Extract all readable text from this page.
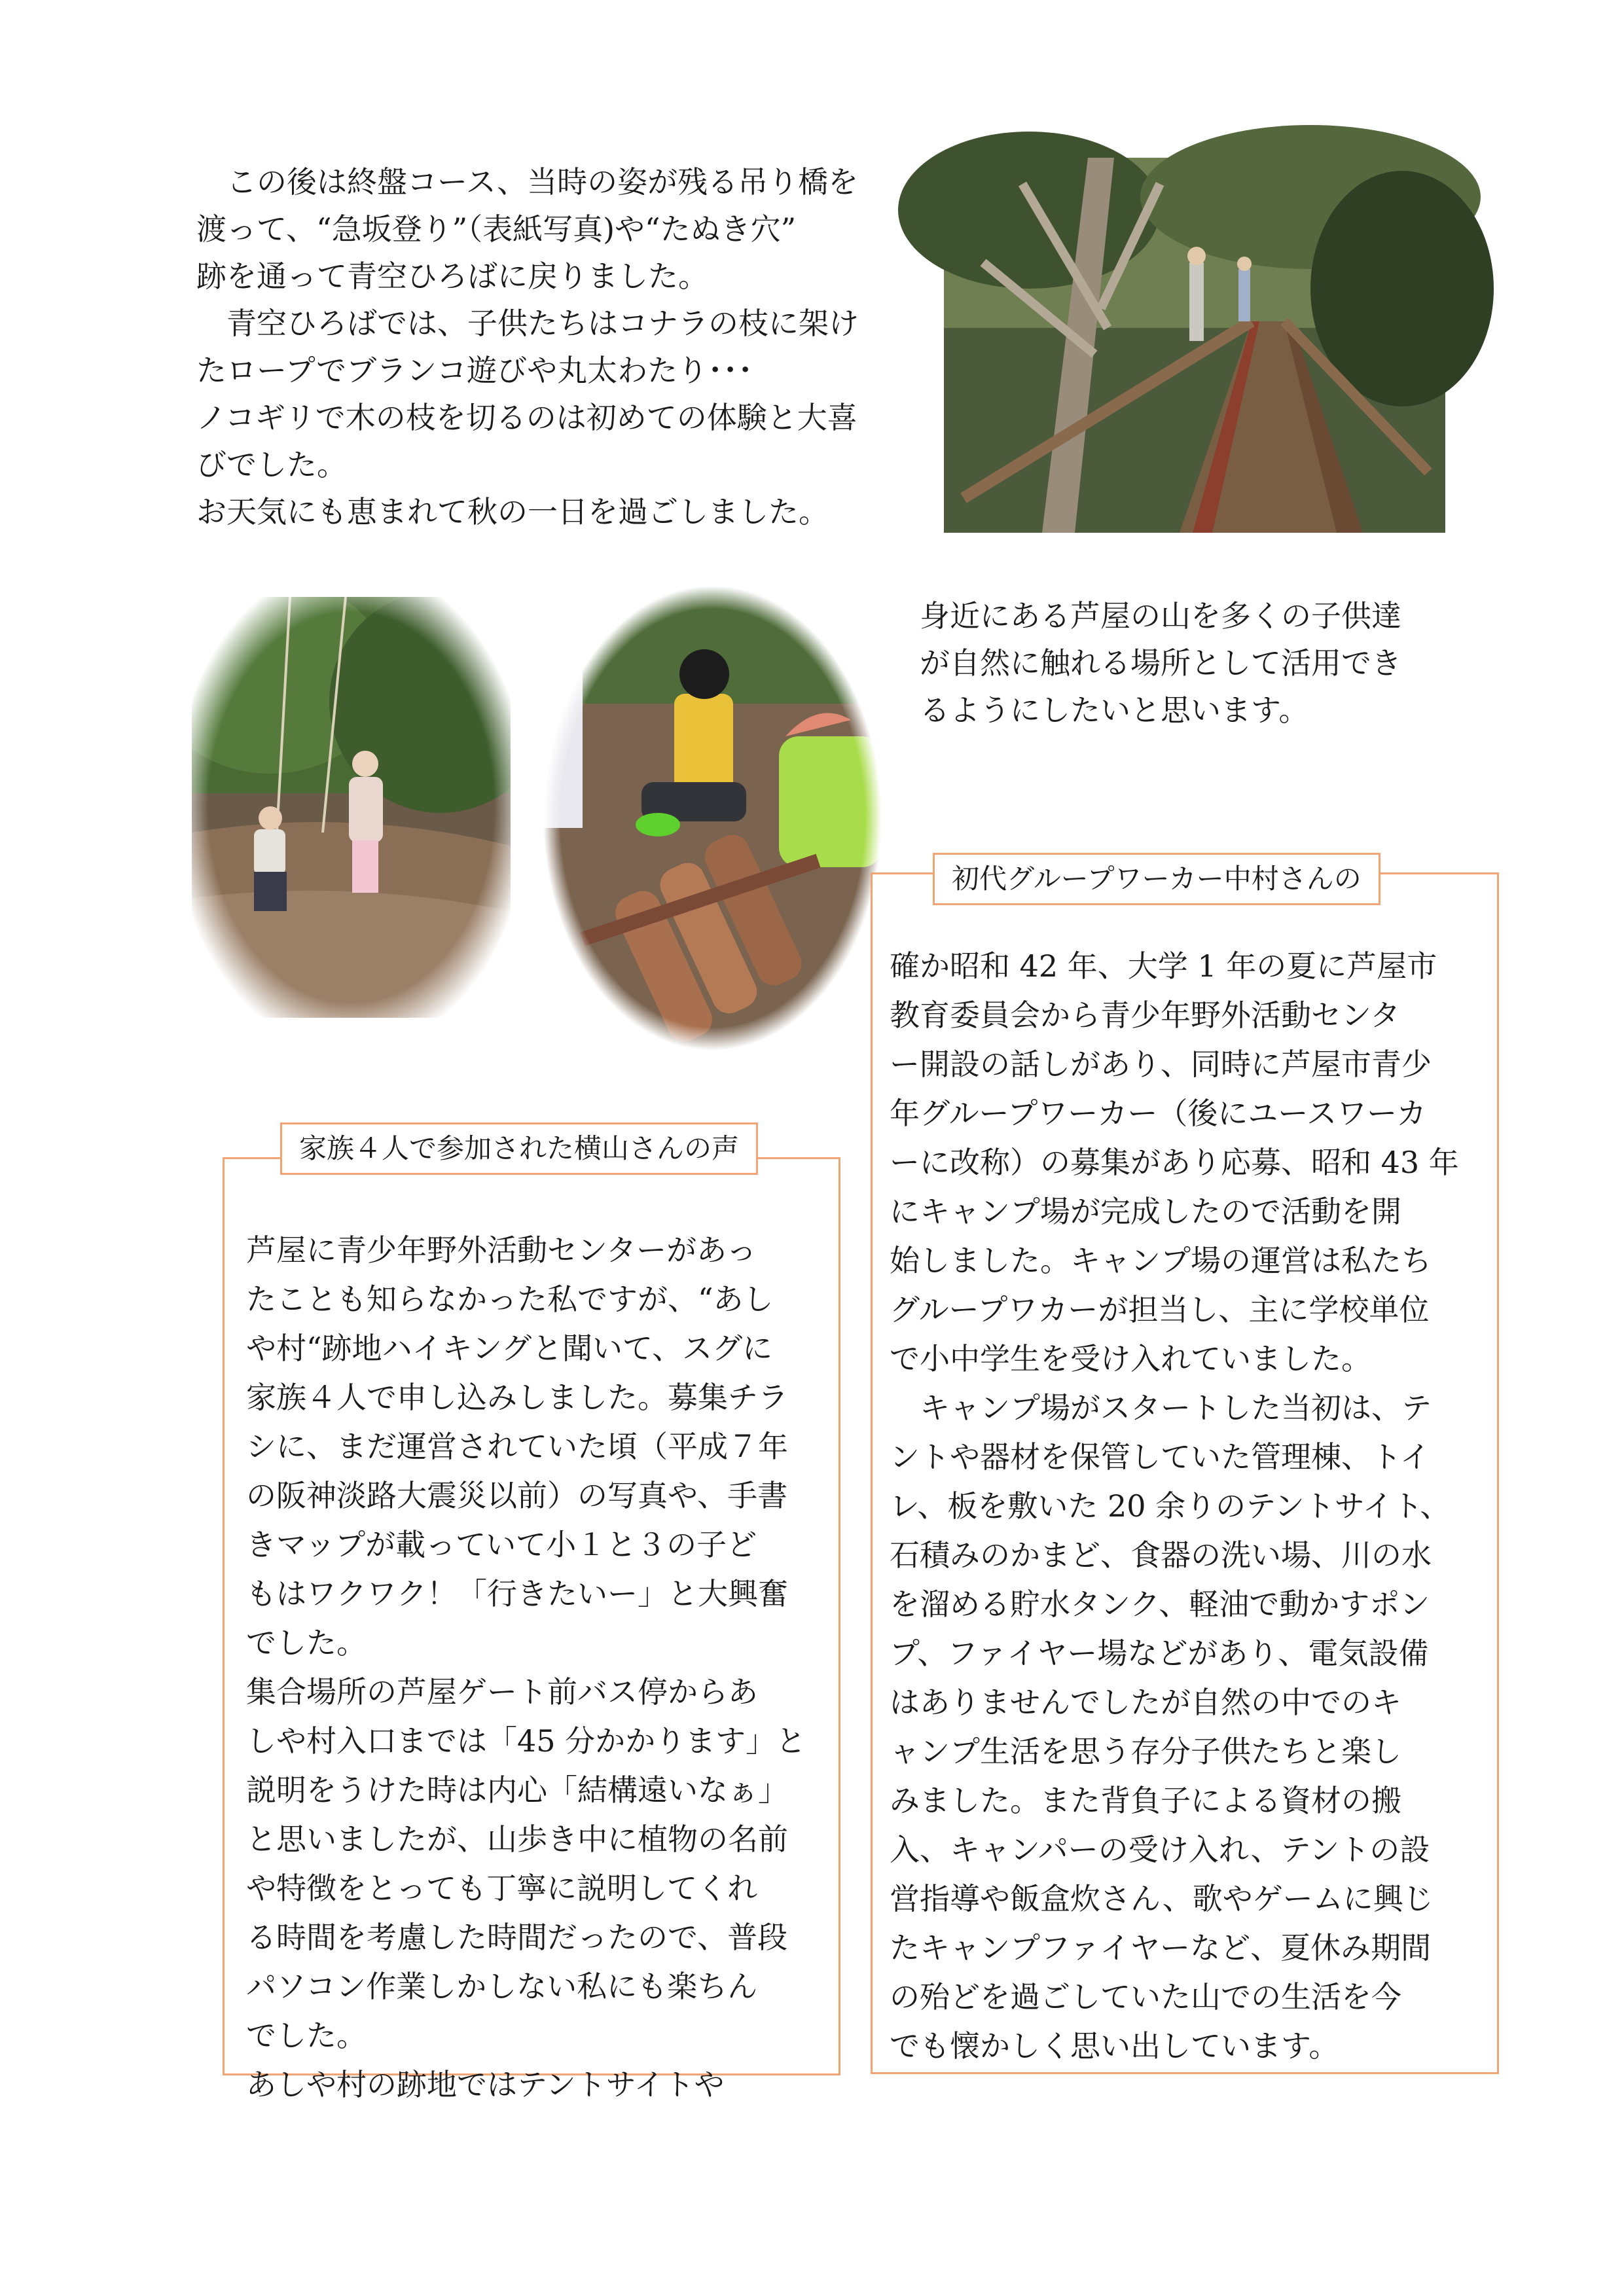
　この後は終盤コース、当時の姿が残る吊り橋を

渡って、“急坂登り”（表紙写真)や“たぬき穴”

跡を通って青空ひろばに戻りました。

　青空ひろばでは、子供たちはコナラの枝に架け

たロープでブランコ遊びや丸太わたり･･･

ノコギリで木の枝を切るのは初めての体験と大喜

びでした。

お天気にも恵まれて秋の一日を過ごしました。

身近にある芦屋の山を多くの子供達

が自然に触れる場所として活用でき

るようにしたいと思います。

初代グループワーカー中村さんの

確か昭和 42 年、大学 1 年の夏に芦屋市

教育委員会から青少年野外活動センタ

ー開設の話しがあり、同時に芦屋市青少

年グループワーカー（後にユースワーカ

ーに改称）の募集があり応募、昭和 43 年

にキャンプ場が完成したので活動を開

始しました。キャンプ場の運営は私たち

グループワカーが担当し、主に学校単位

で小中学生を受け入れていました。

　キャンプ場がスタートした当初は、テ

ントや器材を保管していた管理棟、トイ

レ、板を敷いた 20 余りのテントサイト、

石積みのかまど、食器の洗い場、川の水

を溜める貯水タンク、軽油で動かすポン

プ、ファイヤー場などがあり、電気設備

はありませんでしたが自然の中でのキ

ャンプ生活を思う存分子供たちと楽し

みました。また背負子による資材の搬

入、キャンパーの受け入れ、テントの設

営指導や飯盒炊さん、歌やゲームに興じ

たキャンプファイヤーなど、夏休み期間

の殆どを過ごしていた山での生活を今

でも懐かしく思い出しています。

芦屋に青少年野外活動センターがあっ

たことも知らなかった私ですが、“あし

や村“跡地ハイキングと聞いて、スグに

家族４人で申し込みしました。募集チラ

シに、まだ運営されていた頃（平成７年

の阪神淡路大震災以前）の写真や、手書

きマップが載っていて小１と３の子ど

もはワクワク！「行きたいー」と大興奮

でした。

集合場所の芦屋ゲート前バス停からあ

しや村入口までは「45 分かかります」と

説明をうけた時は内心「結構遠いなぁ」

と思いましたが、山歩き中に植物の名前

や特徴をとっても丁寧に説明してくれ

る時間を考慮した時間だったので、普段

パソコン作業しかしない私にも楽ちん

でした。

あしや村の跡地ではテントサイトや

家族４人で参加された横山さんの声
